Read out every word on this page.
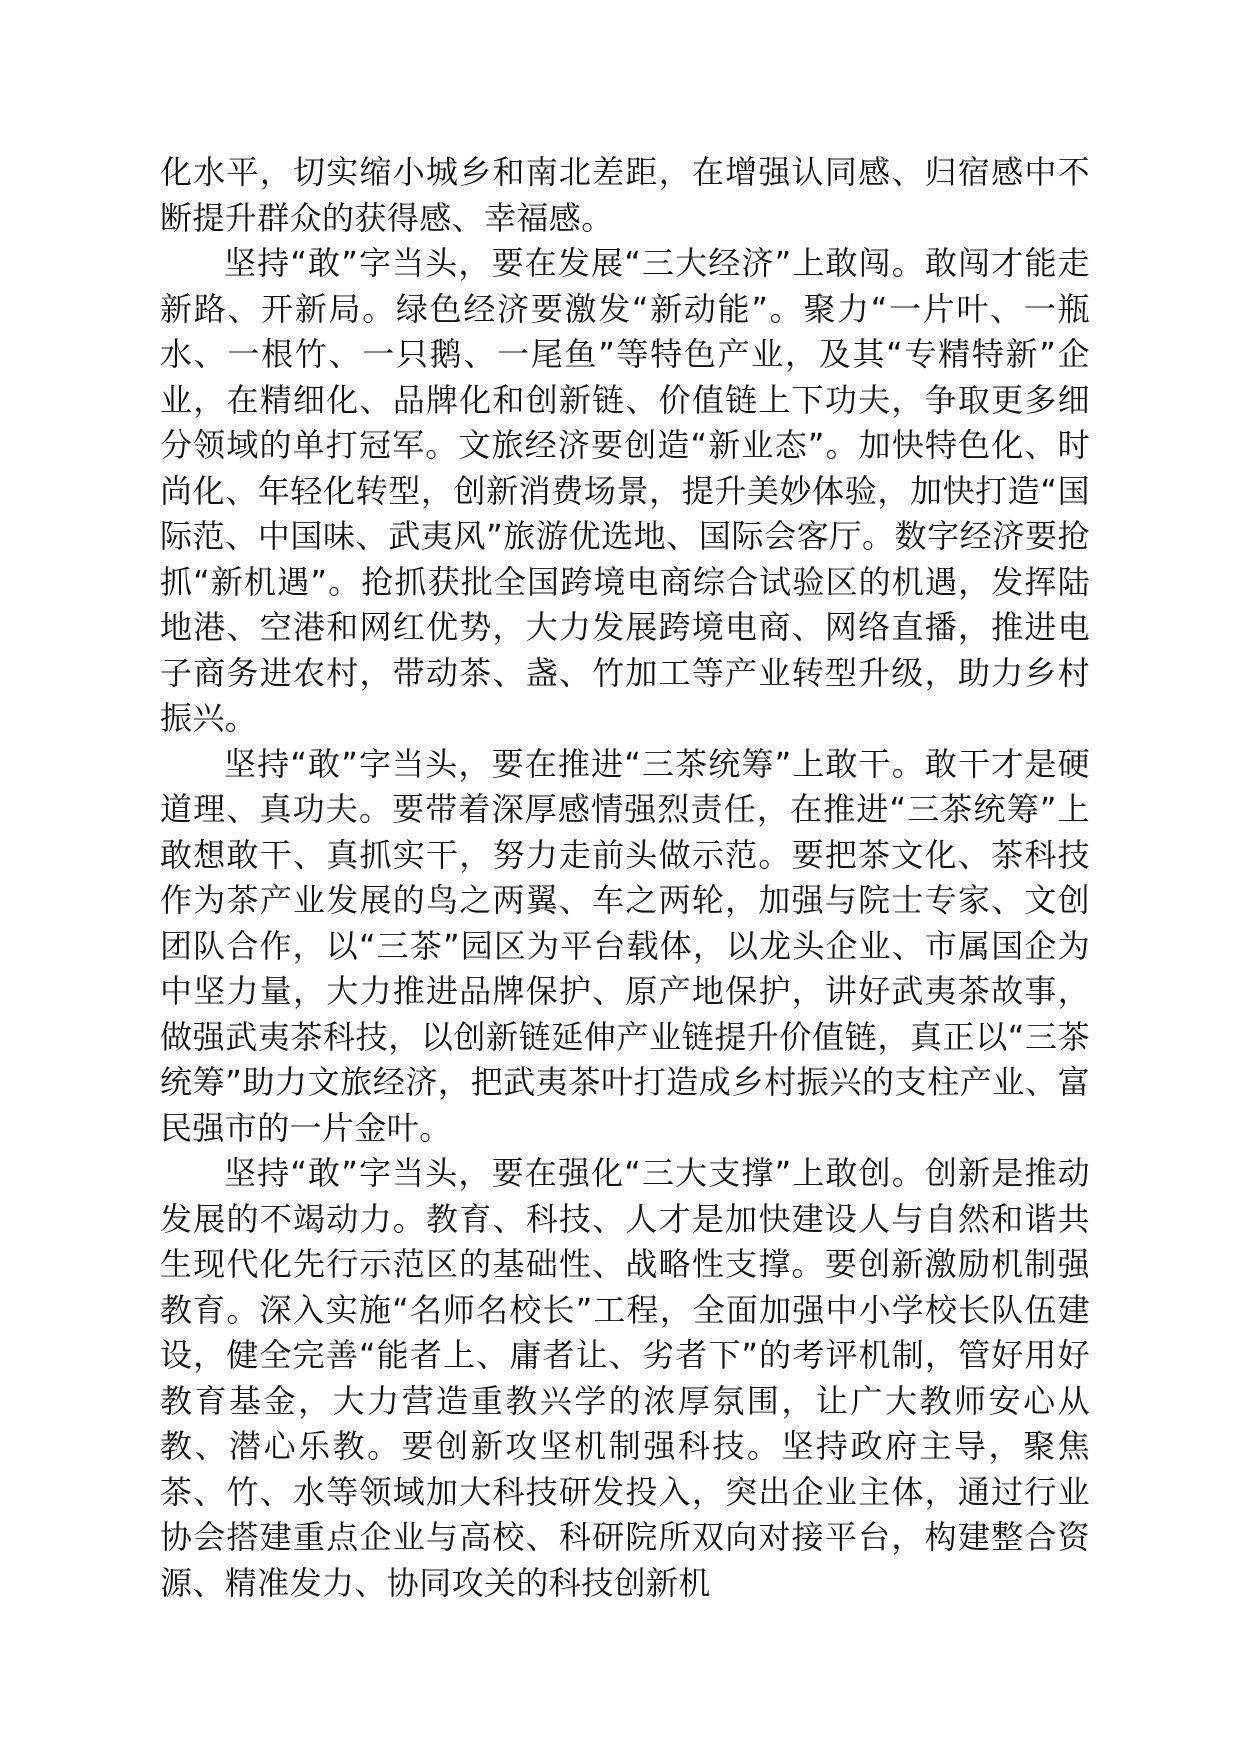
化水平，切实缩小城乡和南北差距，在增强认同感、归宿感中不断提升群众的获得感、幸福感。

坚持“敢”字当头，要在发展“三大经济”上敢闯。敢闯才能走新路、开新局。绿色经济要激发“新动能”。聚力“一片叶、一瓶水、一根竹、一只鹅、一尾鱼”等特色产业，及其“专精特新”企业，在精细化、品牌化和创新链、价值链上下功夫，争取更多细分领域的单打冠军。文旅经济要创造“新业态”。加快特色化、时尚化、年轻化转型，创新消费场景，提升美妙体验，加快打造“国际范、中国味、武夷风”旅游优选地、国际会客厅。数字经济要抢抓“新机遇”。抢抓获批全国跨境电商综合试验区的机遇，发挥陆地港、空港和网红优势，大力发展跨境电商、网络直播，推进电子商务进农村，带动茶、盏、竹加工等产业转型升级，助力乡村振兴。

坚持“敢”字当头，要在推进“三茶统筹”上敢干。敢干才是硬道理、真功夫。要带着深厚感情强烈责任，在推进“三茶统筹”上敢想敢干、真抓实干，努力走前头做示范。要把茶文化、茶科技作为茶产业发展的鸟之两翼、车之两轮，加强与院士专家、文创团队合作，以“三茶”园区为平台载体，以龙头企业、市属国企为中坚力量，大力推进品牌保护、原产地保护，讲好武夷茶故事，做强武夷茶科技，以创新链延伸产业链提升价值链，真正以“三茶统筹”助力文旅经济，把武夷茶叶打造成乡村振兴的支柱产业、富民强市的一片金叶。

坚持“敢”字当头，要在强化“三大支撑”上敢创。创新是推动发展的不竭动力。教育、科技、人才是加快建设人与自然和谐共生现代化先行示范区的基础性、战略性支撑。要创新激励机制强教育。深入实施“名师名校长”工程，全面加强中小学校长队伍建设，健全完善“能者上、庸者让、劣者下”的考评机制，管好用好教育基金，大力营造重教兴学的浓厚氛围，让广大教师安心从教、潜心乐教。要创新攻坚机制强科技。坚持政府主导，聚焦茶、竹、水等领域加大科技研发投入，突出企业主体，通过行业协会搭建重点企业与高校、科研院所双向对接平台，构建整合资源、精准发力、协同攻关的科技创新机
